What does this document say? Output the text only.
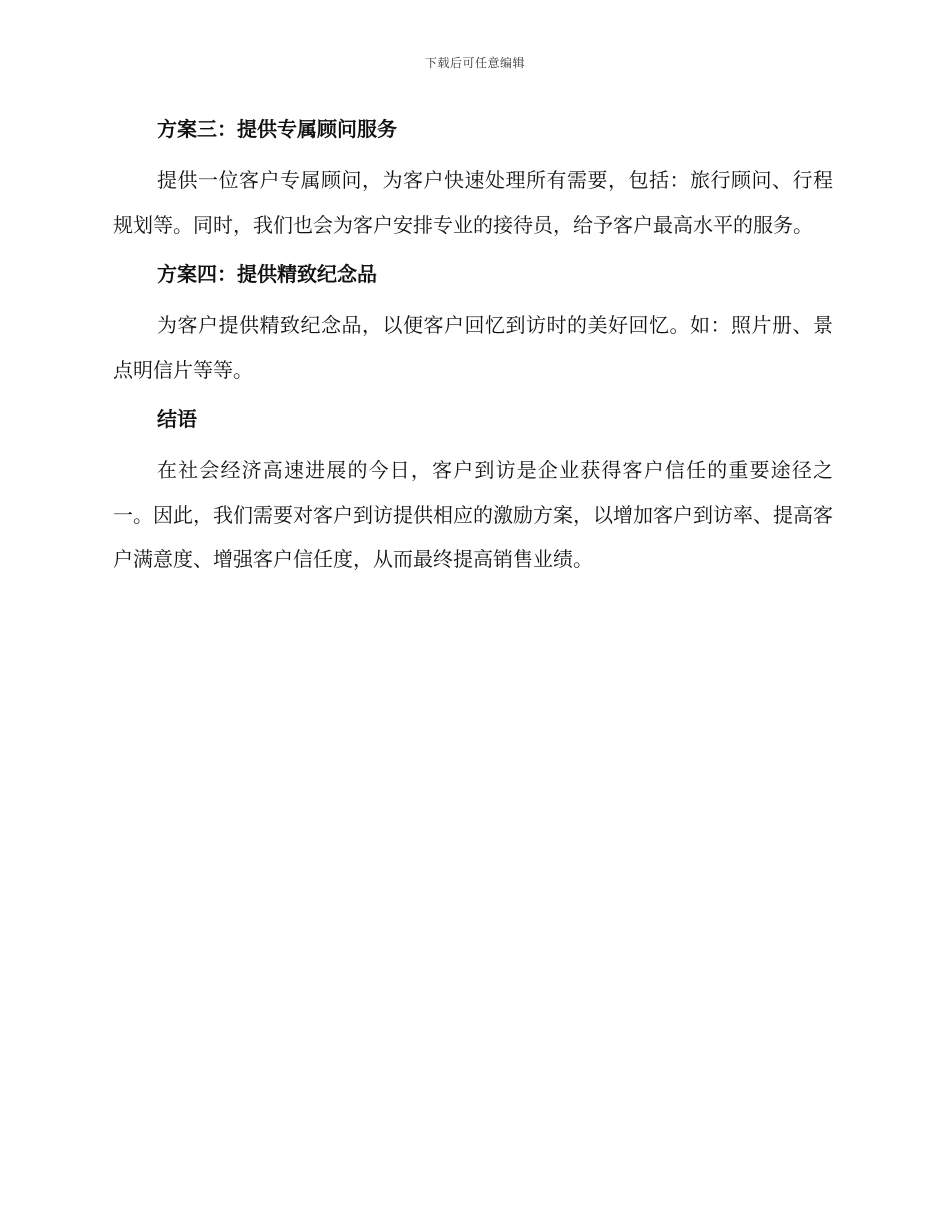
下载后可任意编辑
方案三：提供专属顾问服务

提供一位客户专属顾问，为客户快速处理所有需要，包括：旅行顾问、行程规划等。同时，我们也会为客户安排专业的接待员，给予客户最高水平的服务。

方案四：提供精致纪念品

为客户提供精致纪念品，以便客户回忆到访时的美好回忆。如：照片册、景点明信片等等。

结语

在社会经济高速进展的今日，客户到访是企业获得客户信任的重要途径之一。因此，我们需要对客户到访提供相应的激励方案，以增加客户到访率、提高客户满意度、增强客户信任度，从而最终提高销售业绩。
